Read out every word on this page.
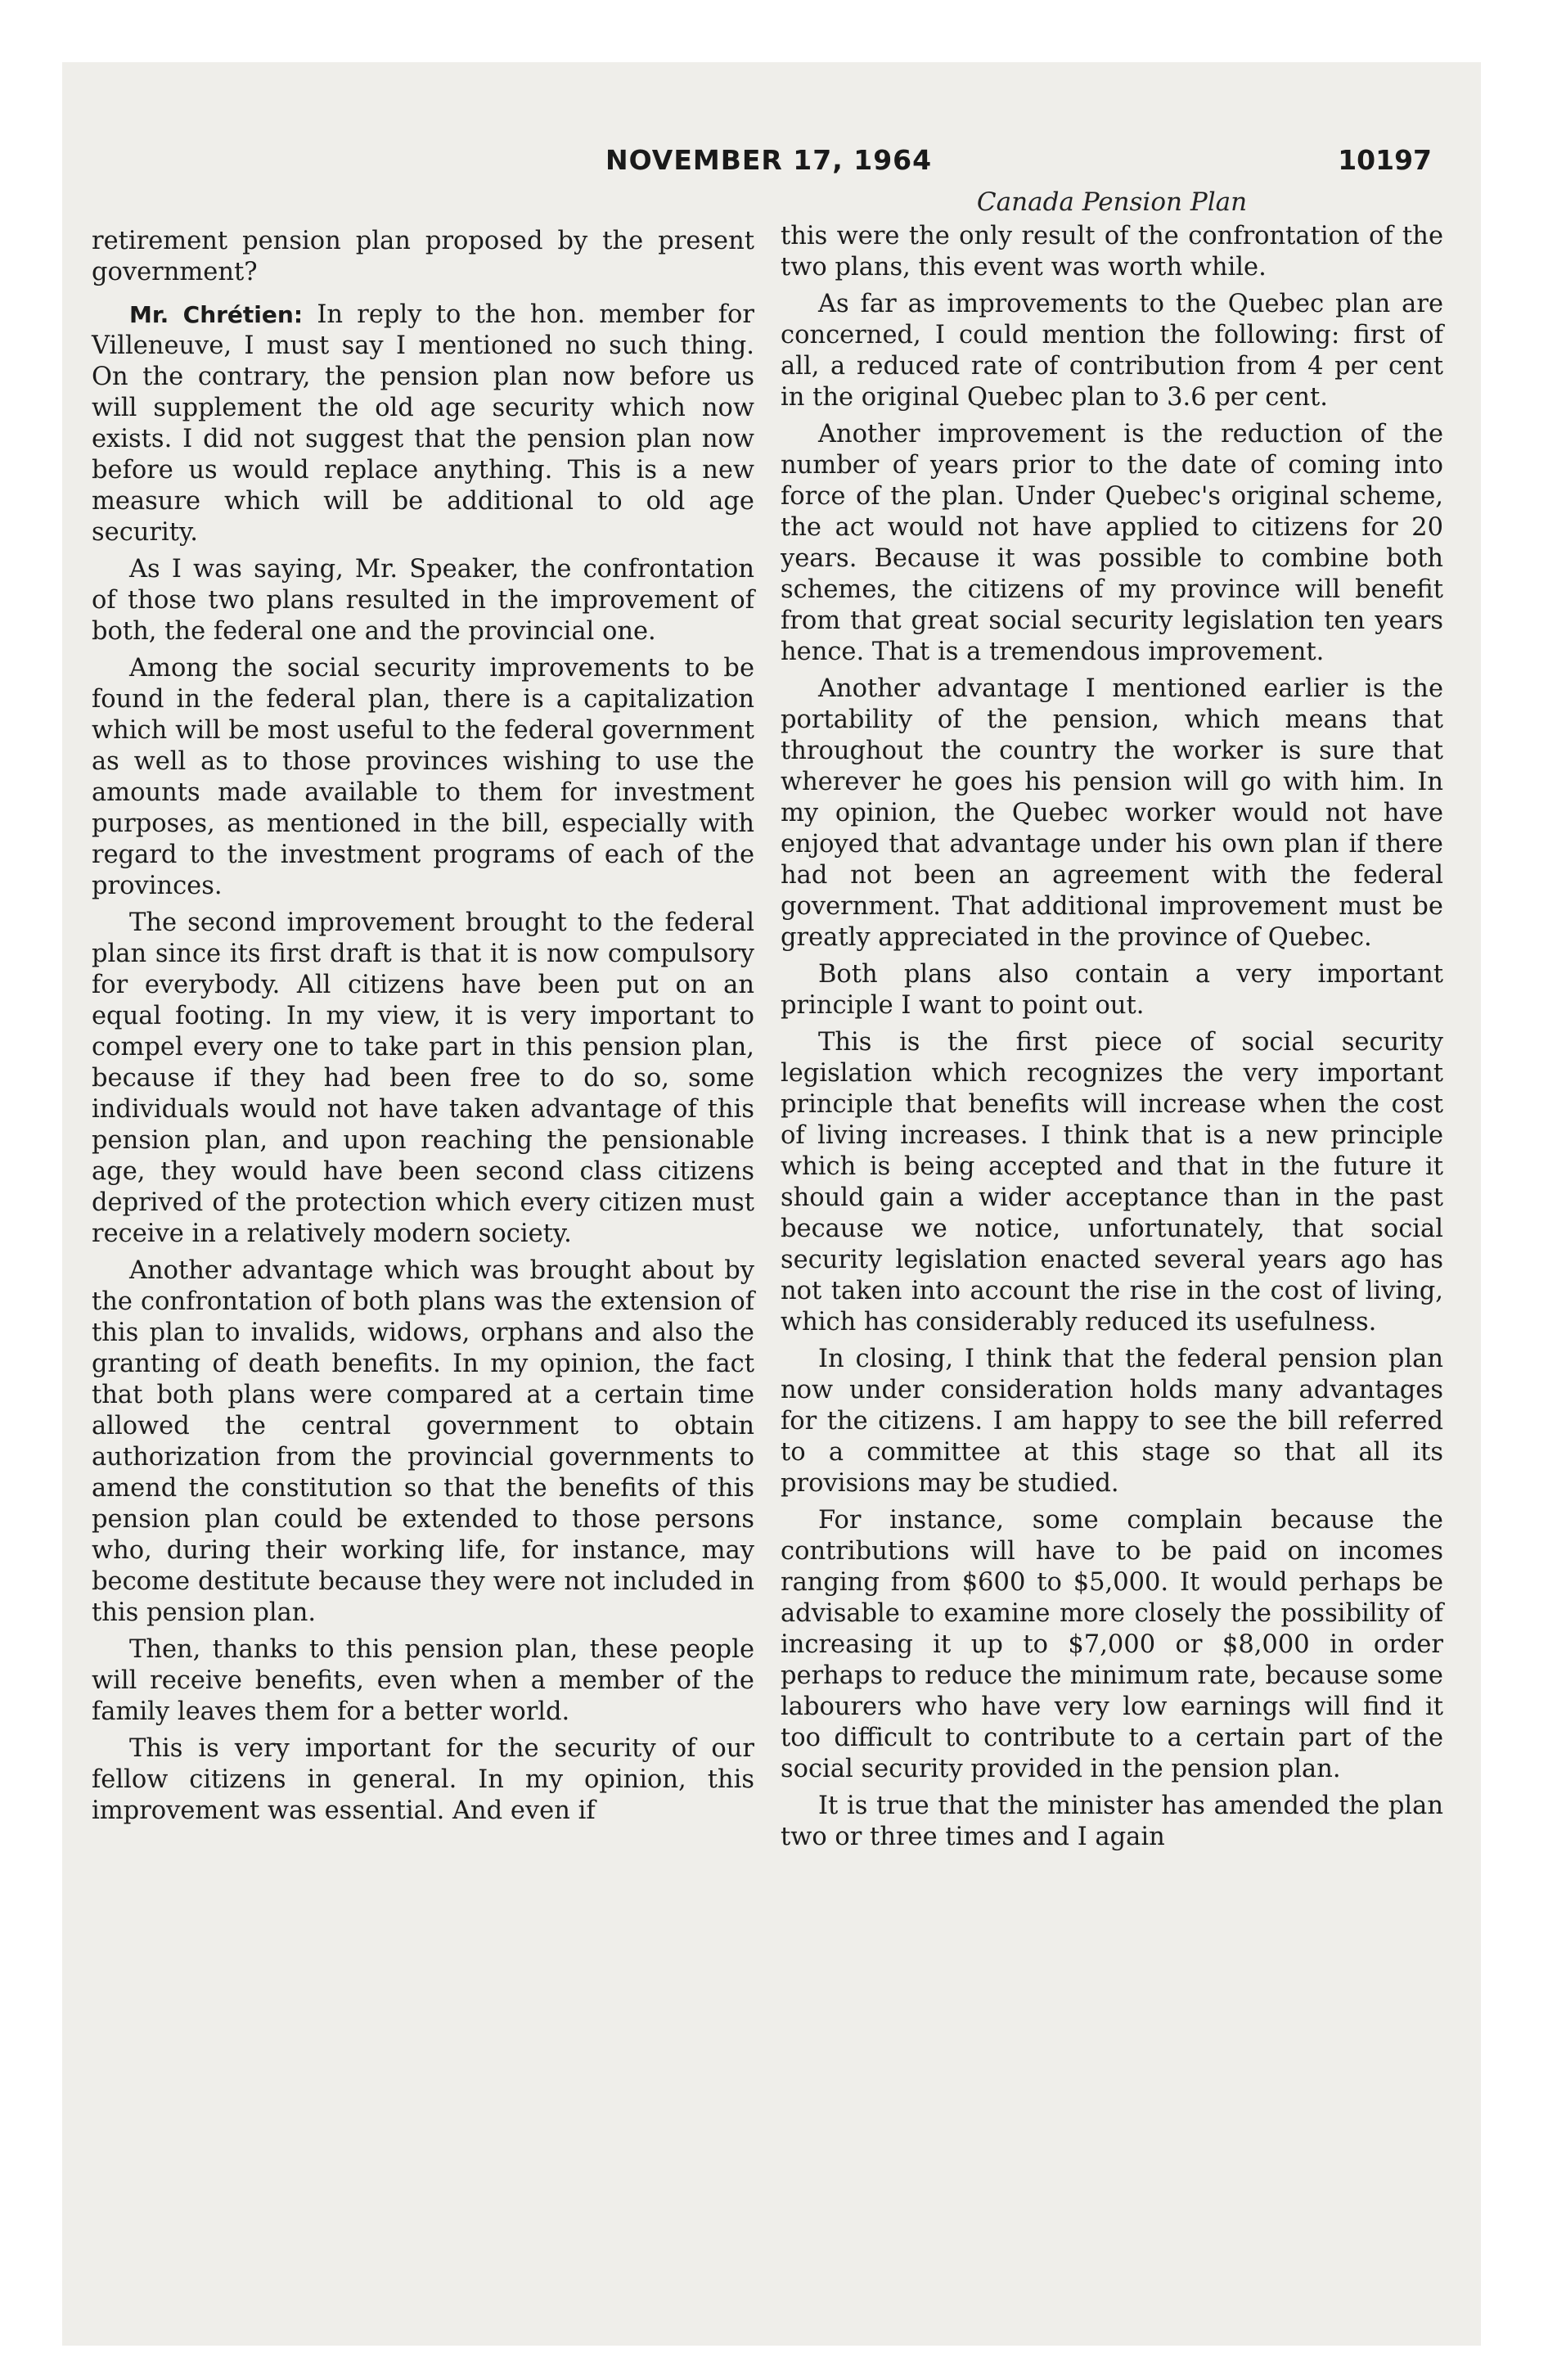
NOVEMBER 17, 1964	10197

retirement pension plan proposed by the present government?

Mr. Chrétien: In reply to the hon. member for Villeneuve, I must say I mentioned no such thing. On the contrary, the pension plan now before us will supplement the old age security which now exists. I did not suggest that the pension plan now before us would replace anything. This is a new measure which will be additional to old age security.

As I was saying, Mr. Speaker, the confrontation of those two plans resulted in the improvement of both, the federal one and the provincial one.

Among the social security improvements to be found in the federal plan, there is a capitalization which will be most useful to the federal government as well as to those provinces wishing to use the amounts made available to them for investment purposes, as mentioned in the bill, especially with regard to the investment programs of each of the provinces.

The second improvement brought to the federal plan since its first draft is that it is now compulsory for everybody. All citizens have been put on an equal footing. In my view, it is very important to compel every one to take part in this pension plan, because if they had been free to do so, some individuals would not have taken advantage of this pension plan, and upon reaching the pensionable age, they would have been second class citizens deprived of the protection which every citizen must receive in a relatively modern society.

Another advantage which was brought about by the confrontation of both plans was the extension of this plan to invalids, widows, orphans and also the granting of death benefits. In my opinion, the fact that both plans were compared at a certain time allowed the central government to obtain authorization from the provincial governments to amend the constitution so that the benefits of this pension plan could be extended to those persons who, during their working life, for instance, may become destitute because they were not included in this pension plan.

Then, thanks to this pension plan, these people will receive benefits, even when a member of the family leaves them for a better world.

This is very important for the security of our fellow citizens in general. In my opinion, this improvement was essential. And even if

Canada Pension Plan

this were the only result of the confrontation of the two plans, this event was worth while.

As far as improvements to the Quebec plan are concerned, I could mention the following: first of all, a reduced rate of contribution from 4 per cent in the original Quebec plan to 3.6 per cent.

Another improvement is the reduction of the number of years prior to the date of coming into force of the plan. Under Quebec's original scheme, the act would not have applied to citizens for 20 years. Because it was possible to combine both schemes, the citizens of my province will benefit from that great social security legislation ten years hence. That is a tremendous improvement.

Another advantage I mentioned earlier is the portability of the pension, which means that throughout the country the worker is sure that wherever he goes his pension will go with him. In my opinion, the Quebec worker would not have enjoyed that advantage under his own plan if there had not been an agreement with the federal government. That additional improvement must be greatly appreciated in the province of Quebec.

Both plans also contain a very important principle I want to point out.

This is the first piece of social security legislation which recognizes the very important principle that benefits will increase when the cost of living increases. I think that is a new principle which is being accepted and that in the future it should gain a wider acceptance than in the past because we notice, unfortunately, that social security legislation enacted several years ago has not taken into account the rise in the cost of living, which has considerably reduced its usefulness.

In closing, I think that the federal pension plan now under consideration holds many advantages for the citizens. I am happy to see the bill referred to a committee at this stage so that all its provisions may be studied.

For instance, some complain because the contributions will have to be paid on incomes ranging from $600 to $5,000. It would perhaps be advisable to examine more closely the possibility of increasing it up to $7,000 or $8,000 in order perhaps to reduce the minimum rate, because some labourers who have very low earnings will find it too difficult to contribute to a certain part of the social security provided in the pension plan.

It is true that the minister has amended the plan two or three times and I again
